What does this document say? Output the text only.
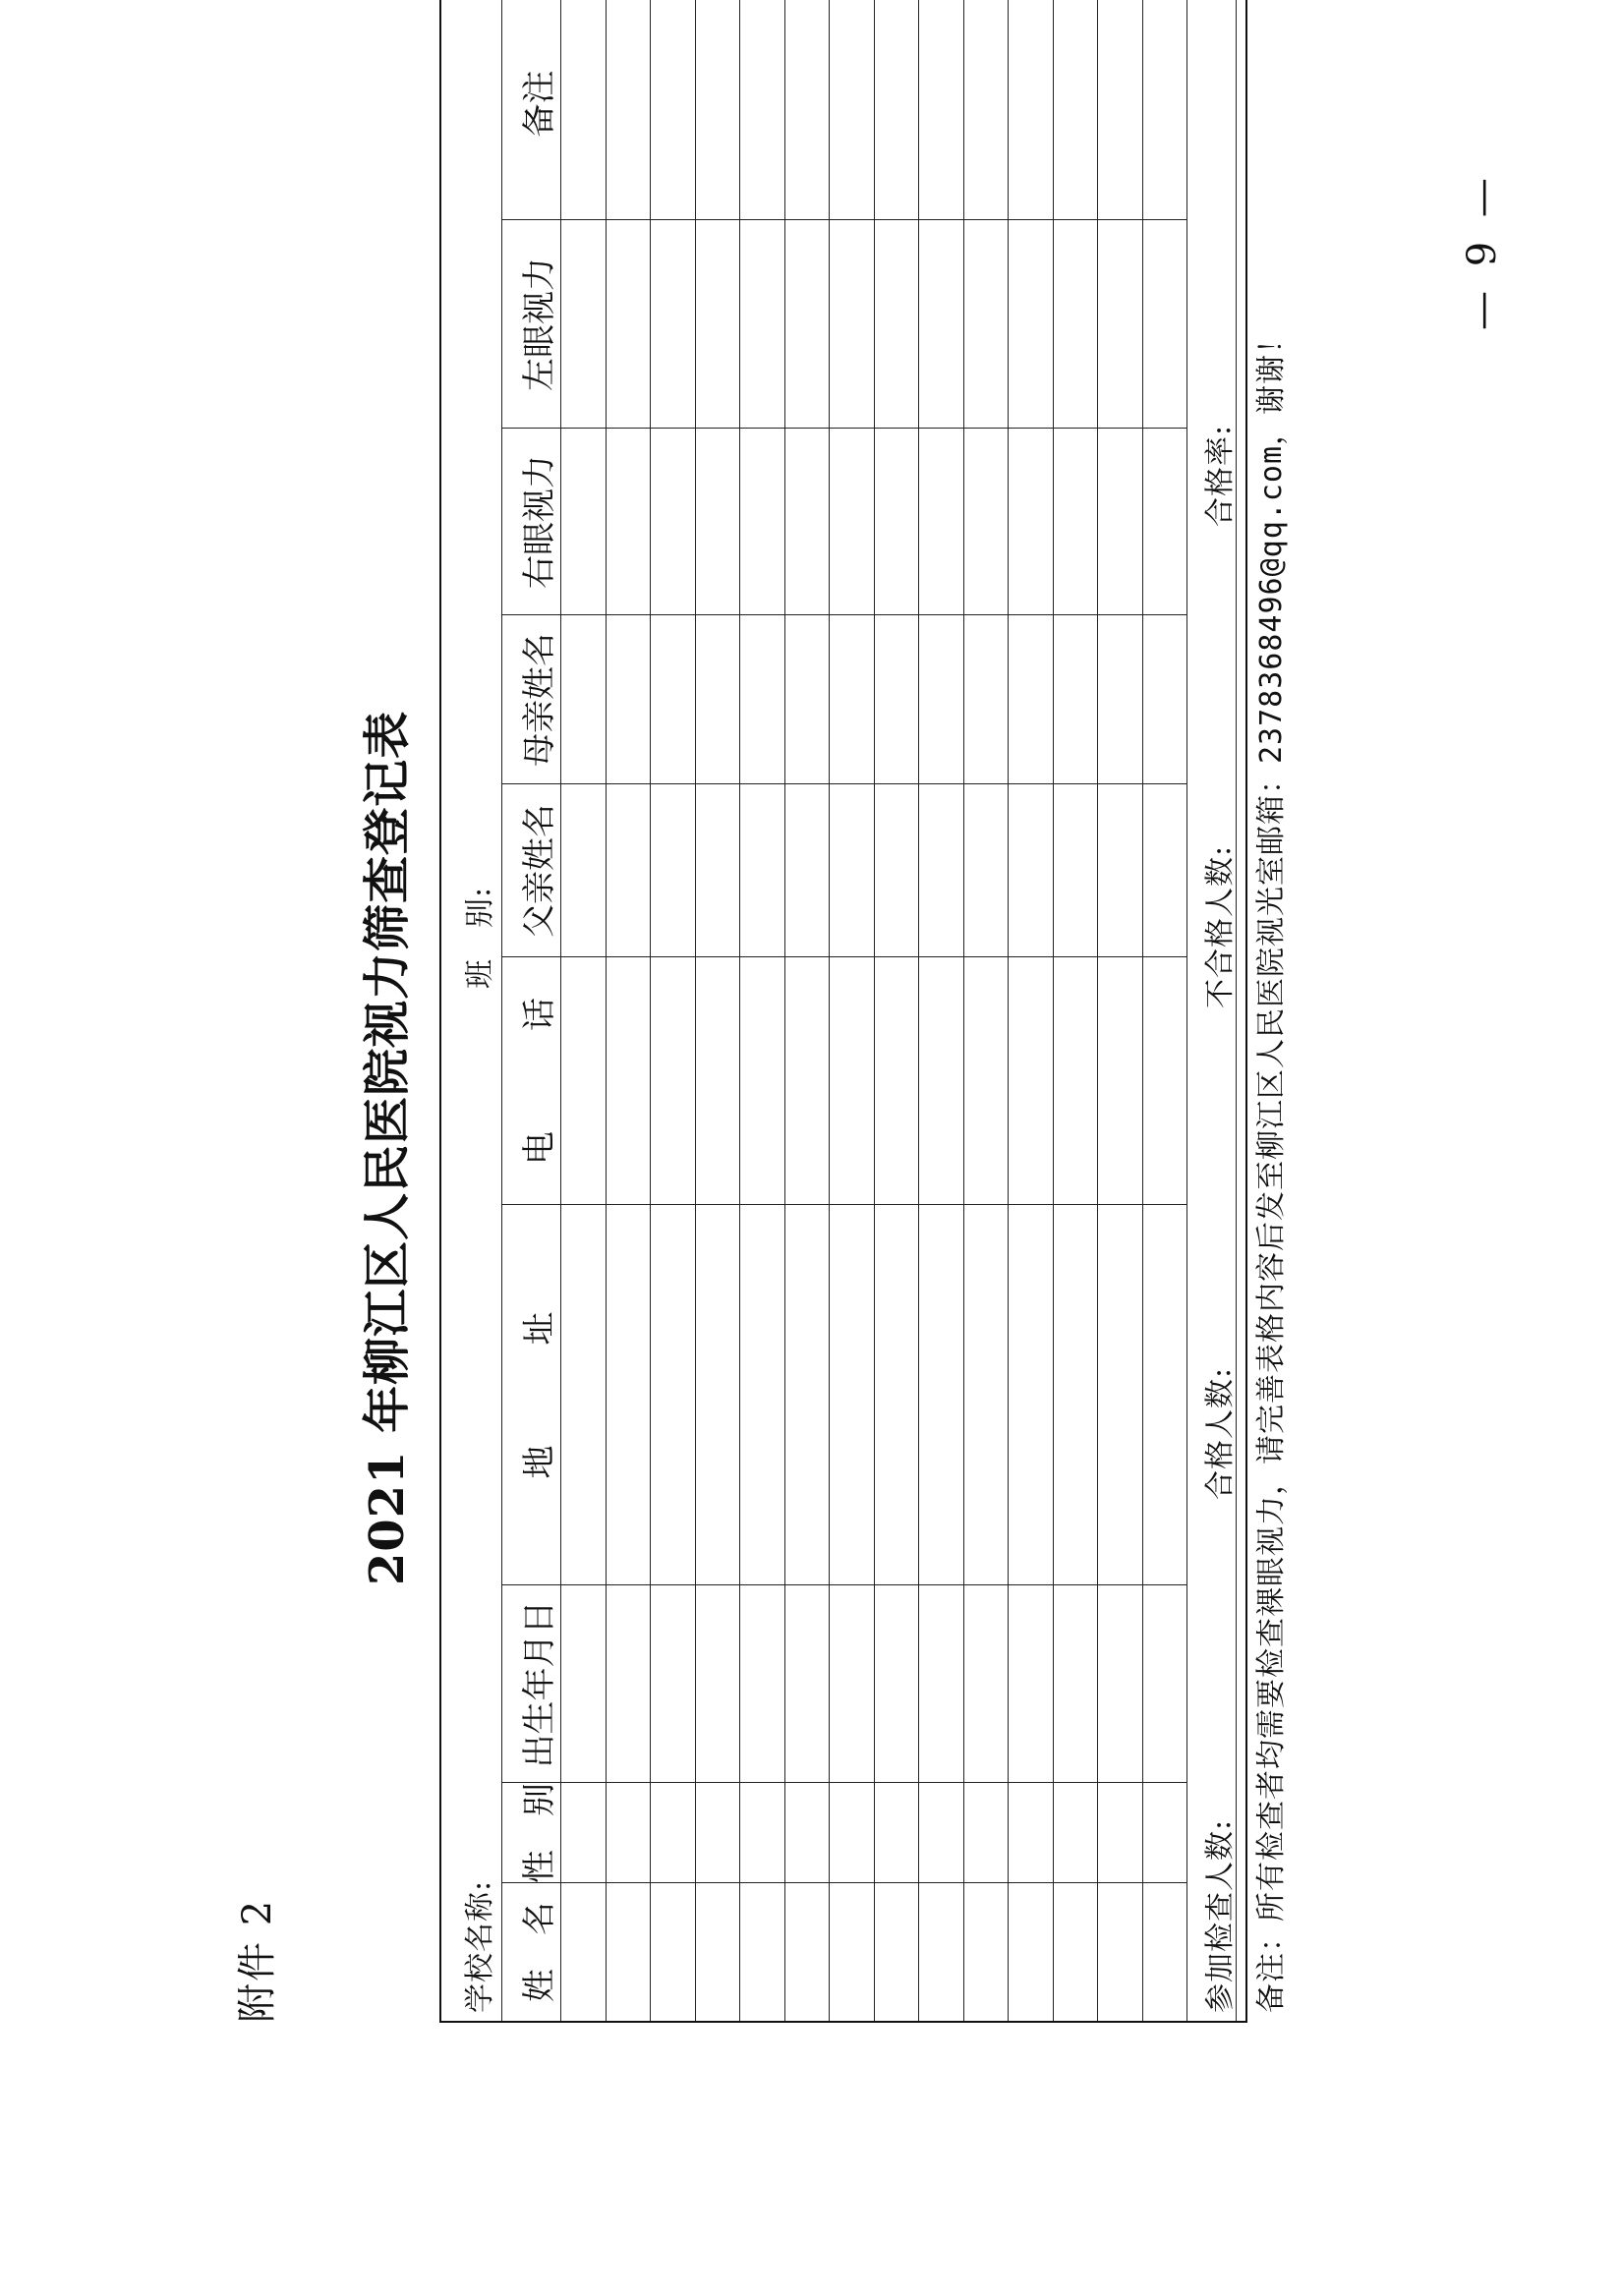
附件 2
2021 年柳江区人民医院视力筛查登记表
学校名称:
班　别:
姓　名
性　别
出生年月日
地　　　址
电　　　话
父亲姓名
母亲姓名
右眼视力
左眼视力
备注
参加检查人数:
合格人数:
不合格人数:
合格率:
备注：所有检查者均需要检查裸眼视力，请完善表格内容后发至柳江区人民医院视光室邮箱：2378368496@qq.com，谢谢！
— 9 —
